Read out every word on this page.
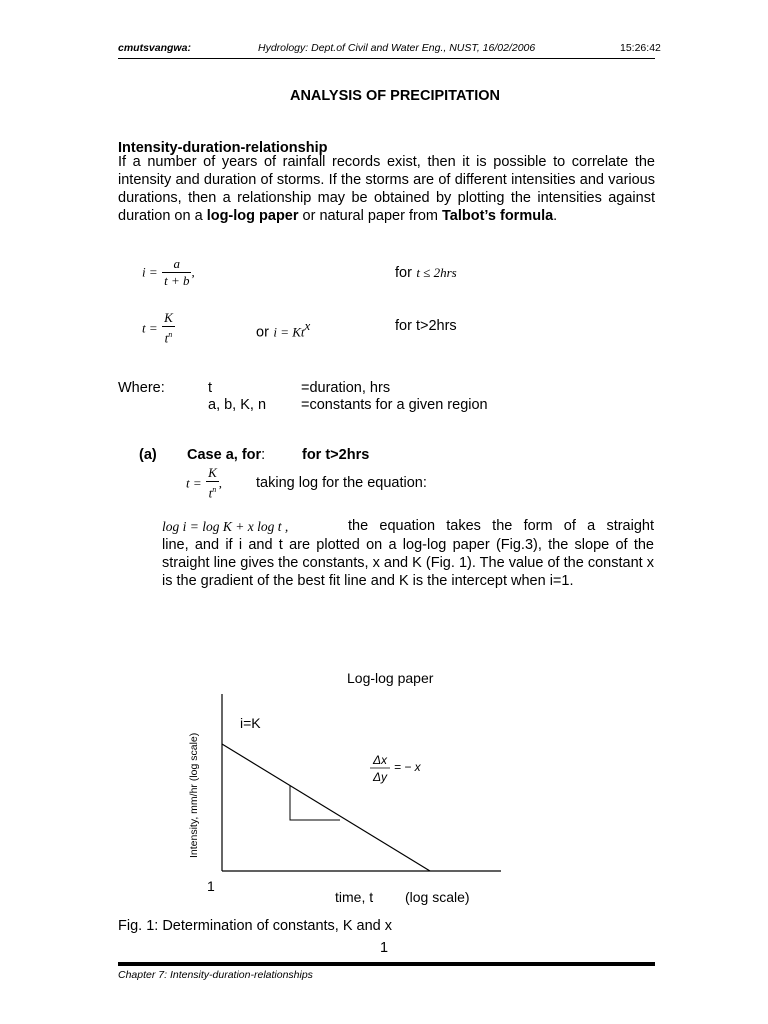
cmutsvangwa:	Hydrology: Dept.of Civil and Water Eng., NUST, 16/02/2006	15:26:42
ANALYSIS OF PRECIPITATION
Intensity-duration-relationship
If a number of years of rainfall records exist, then it is possible to correlate the intensity and duration of storms. If the storms are of different intensities and various durations, then a relationship may be obtained by plotting the intensities against duration on a log-log paper or natural paper from Talbot’s formula.
$i = \frac{a}{t + b}$ ,	for t ≤ 2hrs
$t = \frac{K}{t^n}$	or $i = Kt^x$	for t>2hrs
Where:	t	=duration, hrs
a, b, K, n =constants for a given region
(a) Case a, for:	for t>2hrs
$t = \frac{K}{t^n}$ , taking log for the equation:
log i = log K + x log t ,	the equation takes the form of a straight
line, and if i and t are plotted on a log-log paper (Fig.3), the slope of the straight line gives the constants, x and K (Fig. 1). The value of the constant x is the gradient of the best fit line and K is the intercept when i=1.
Log-log paper
Intensity, mm/hr (log scale)
i=K
Δx
Δy
= − x
1
time, t (log scale)
Fig. 1: Determination of constants, K and x
1
Chapter 7: Intensity-duration-relationships
